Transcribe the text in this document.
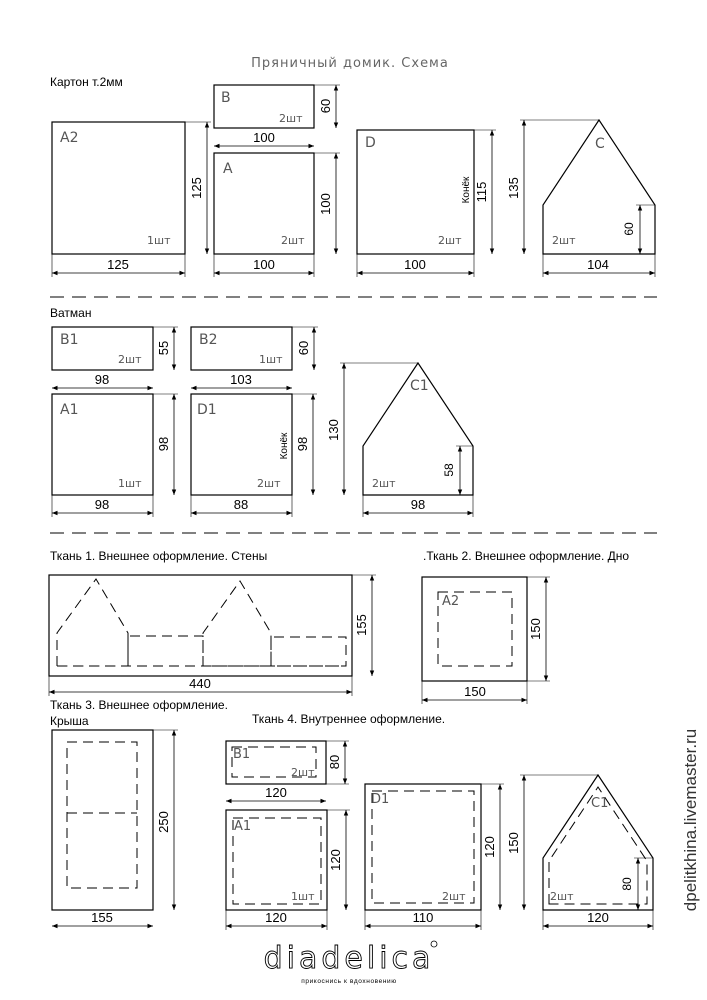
Пряничный домик. Схема
Картон т.2мм
A2
1шт
125
125
B
2шт
60
100
A
2шт
100
100
D
Конёк
2шт
115
100
C
2шт
135
60
104
Ватман
B1
2шт
55
98
B2
1шт
60
103
A1
1шт
98
98
D1
Конёк
2шт
98
88
C1
2шт
130
58
98
Ткань 1. Внешнее оформление. Стены
155
440
.Ткань 2. Внешнее оформление. Дно
A2
150
150
Ткань 3. Внешнее оформление.
Крыша
250
155
Ткань 4. Внутреннее оформление.
B1
2шт
80
120
A1
1шт
120
120
D1
2шт
120
110
C1
2шт
150
80
120
diadelica
прикоснись к вдохновению
dpelitkhina.livemaster.ru
